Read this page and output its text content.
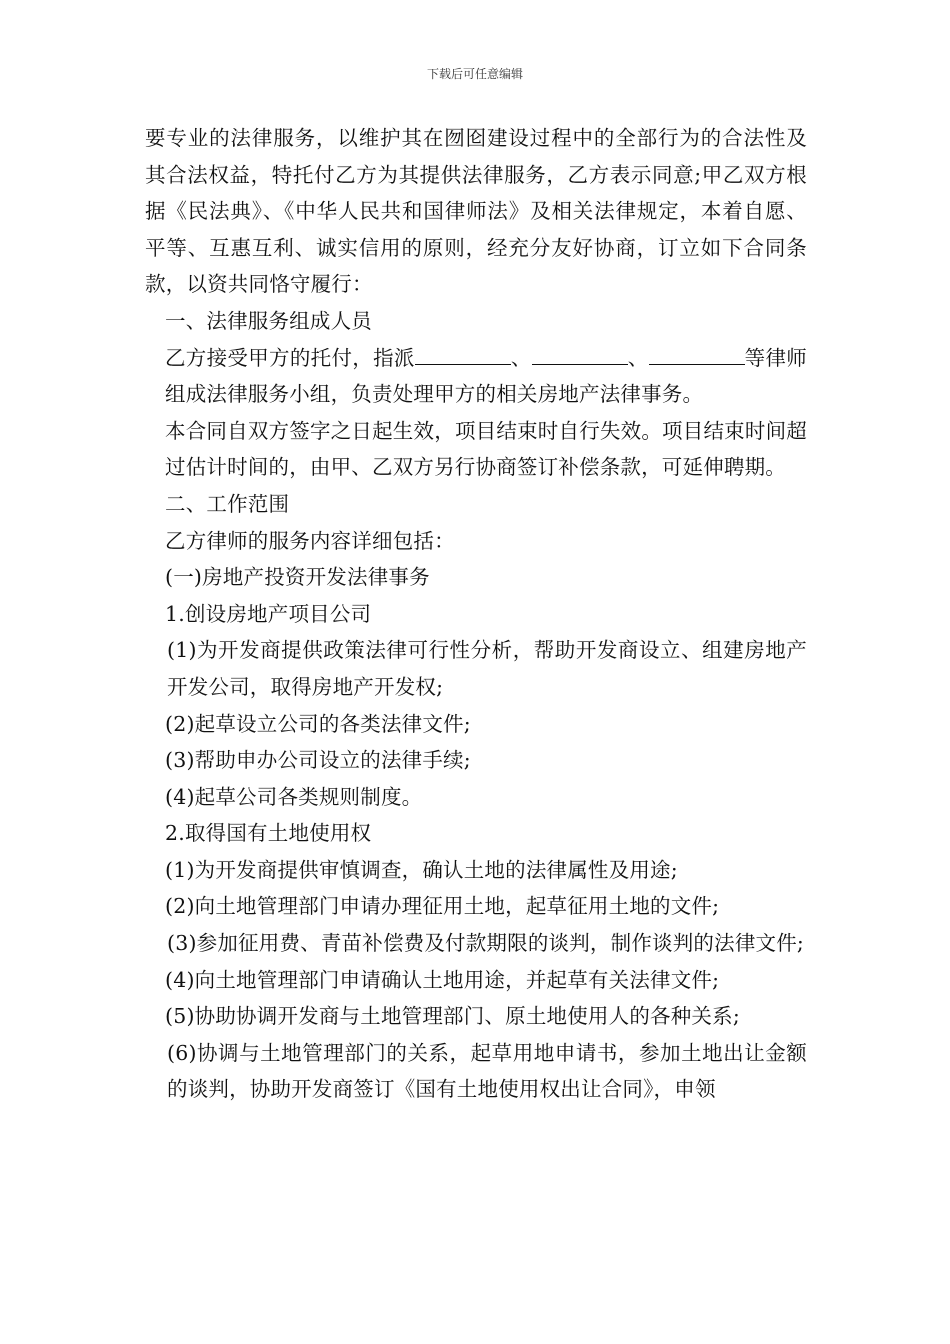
下载后可任意编辑

要专业的法律服务，以维护其在囫囵建设过程中的全部行为的合法性及其合法权益，特托付乙方为其提供法律服务，乙方表示同意;甲乙双方根据《民法典》、《中华人民共和国律师法》及相关法律规定，本着自愿、平等、互惠互利、诚实信用的原则，经充分友好协商，订立如下合同条款，以资共同恪守履行：

一、法律服务组成人员

乙方接受甲方的托付，指派	、	、	等律师组成法律服务小组，负责处理甲方的相关房地产法律事务。

本合同自双方签字之日起生效，项目结束时自行失效。项目结束时间超过估计时间的，由甲、乙双方另行协商签订补偿条款，可延伸聘期。

二、工作范围

乙方律师的服务内容详细包括：

(一)房地产投资开发法律事务

1.创设房地产项目公司

(1)为开发商提供政策法律可行性分析，帮助开发商设立、组建房地产开发公司，取得房地产开发权;

(2)起草设立公司的各类法律文件;

(3)帮助申办公司设立的法律手续;

(4)起草公司各类规则制度。

2.取得国有土地使用权

(1)为开发商提供审慎调查，确认土地的法律属性及用途;

(2)向土地管理部门申请办理征用土地，起草征用土地的文件;

(3)参加征用费、青苗补偿费及付款期限的谈判，制作谈判的法律文件;

(4)向土地管理部门申请确认土地用途，并起草有关法律文件;

(5)协助协调开发商与土地管理部门、原土地使用人的各种关系;

(6)协调与土地管理部门的关系，起草用地申请书，参加土地出让金额的谈判，协助开发商签订《国有土地使用权出让合同》，申领
